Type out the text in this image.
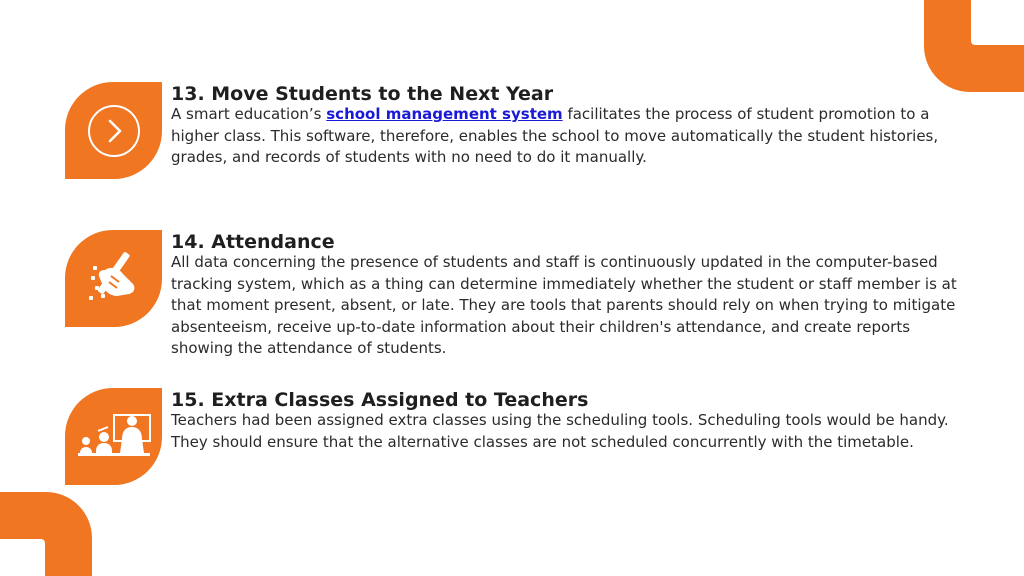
13. Move Students to the Next Year

A smart education’s school management system facilitates the process of student promotion to a higher class. This software, therefore, enables the school to move automatically the student histories, grades, and records of students with no need to do it manually.

14. Attendance

All data concerning the presence of students and staff is continuously updated in the computer-based tracking system, which as a thing can determine immediately whether the student or staff member is at that moment present, absent, or late. They are tools that parents should rely on when trying to mitigate absenteeism, receive up-to-date information about their children's attendance, and create reports showing the attendance of students.

15. Extra Classes Assigned to Teachers

Teachers had been assigned extra classes using the scheduling tools. Scheduling tools would be handy. They should ensure that the alternative classes are not scheduled concurrently with the timetable.
